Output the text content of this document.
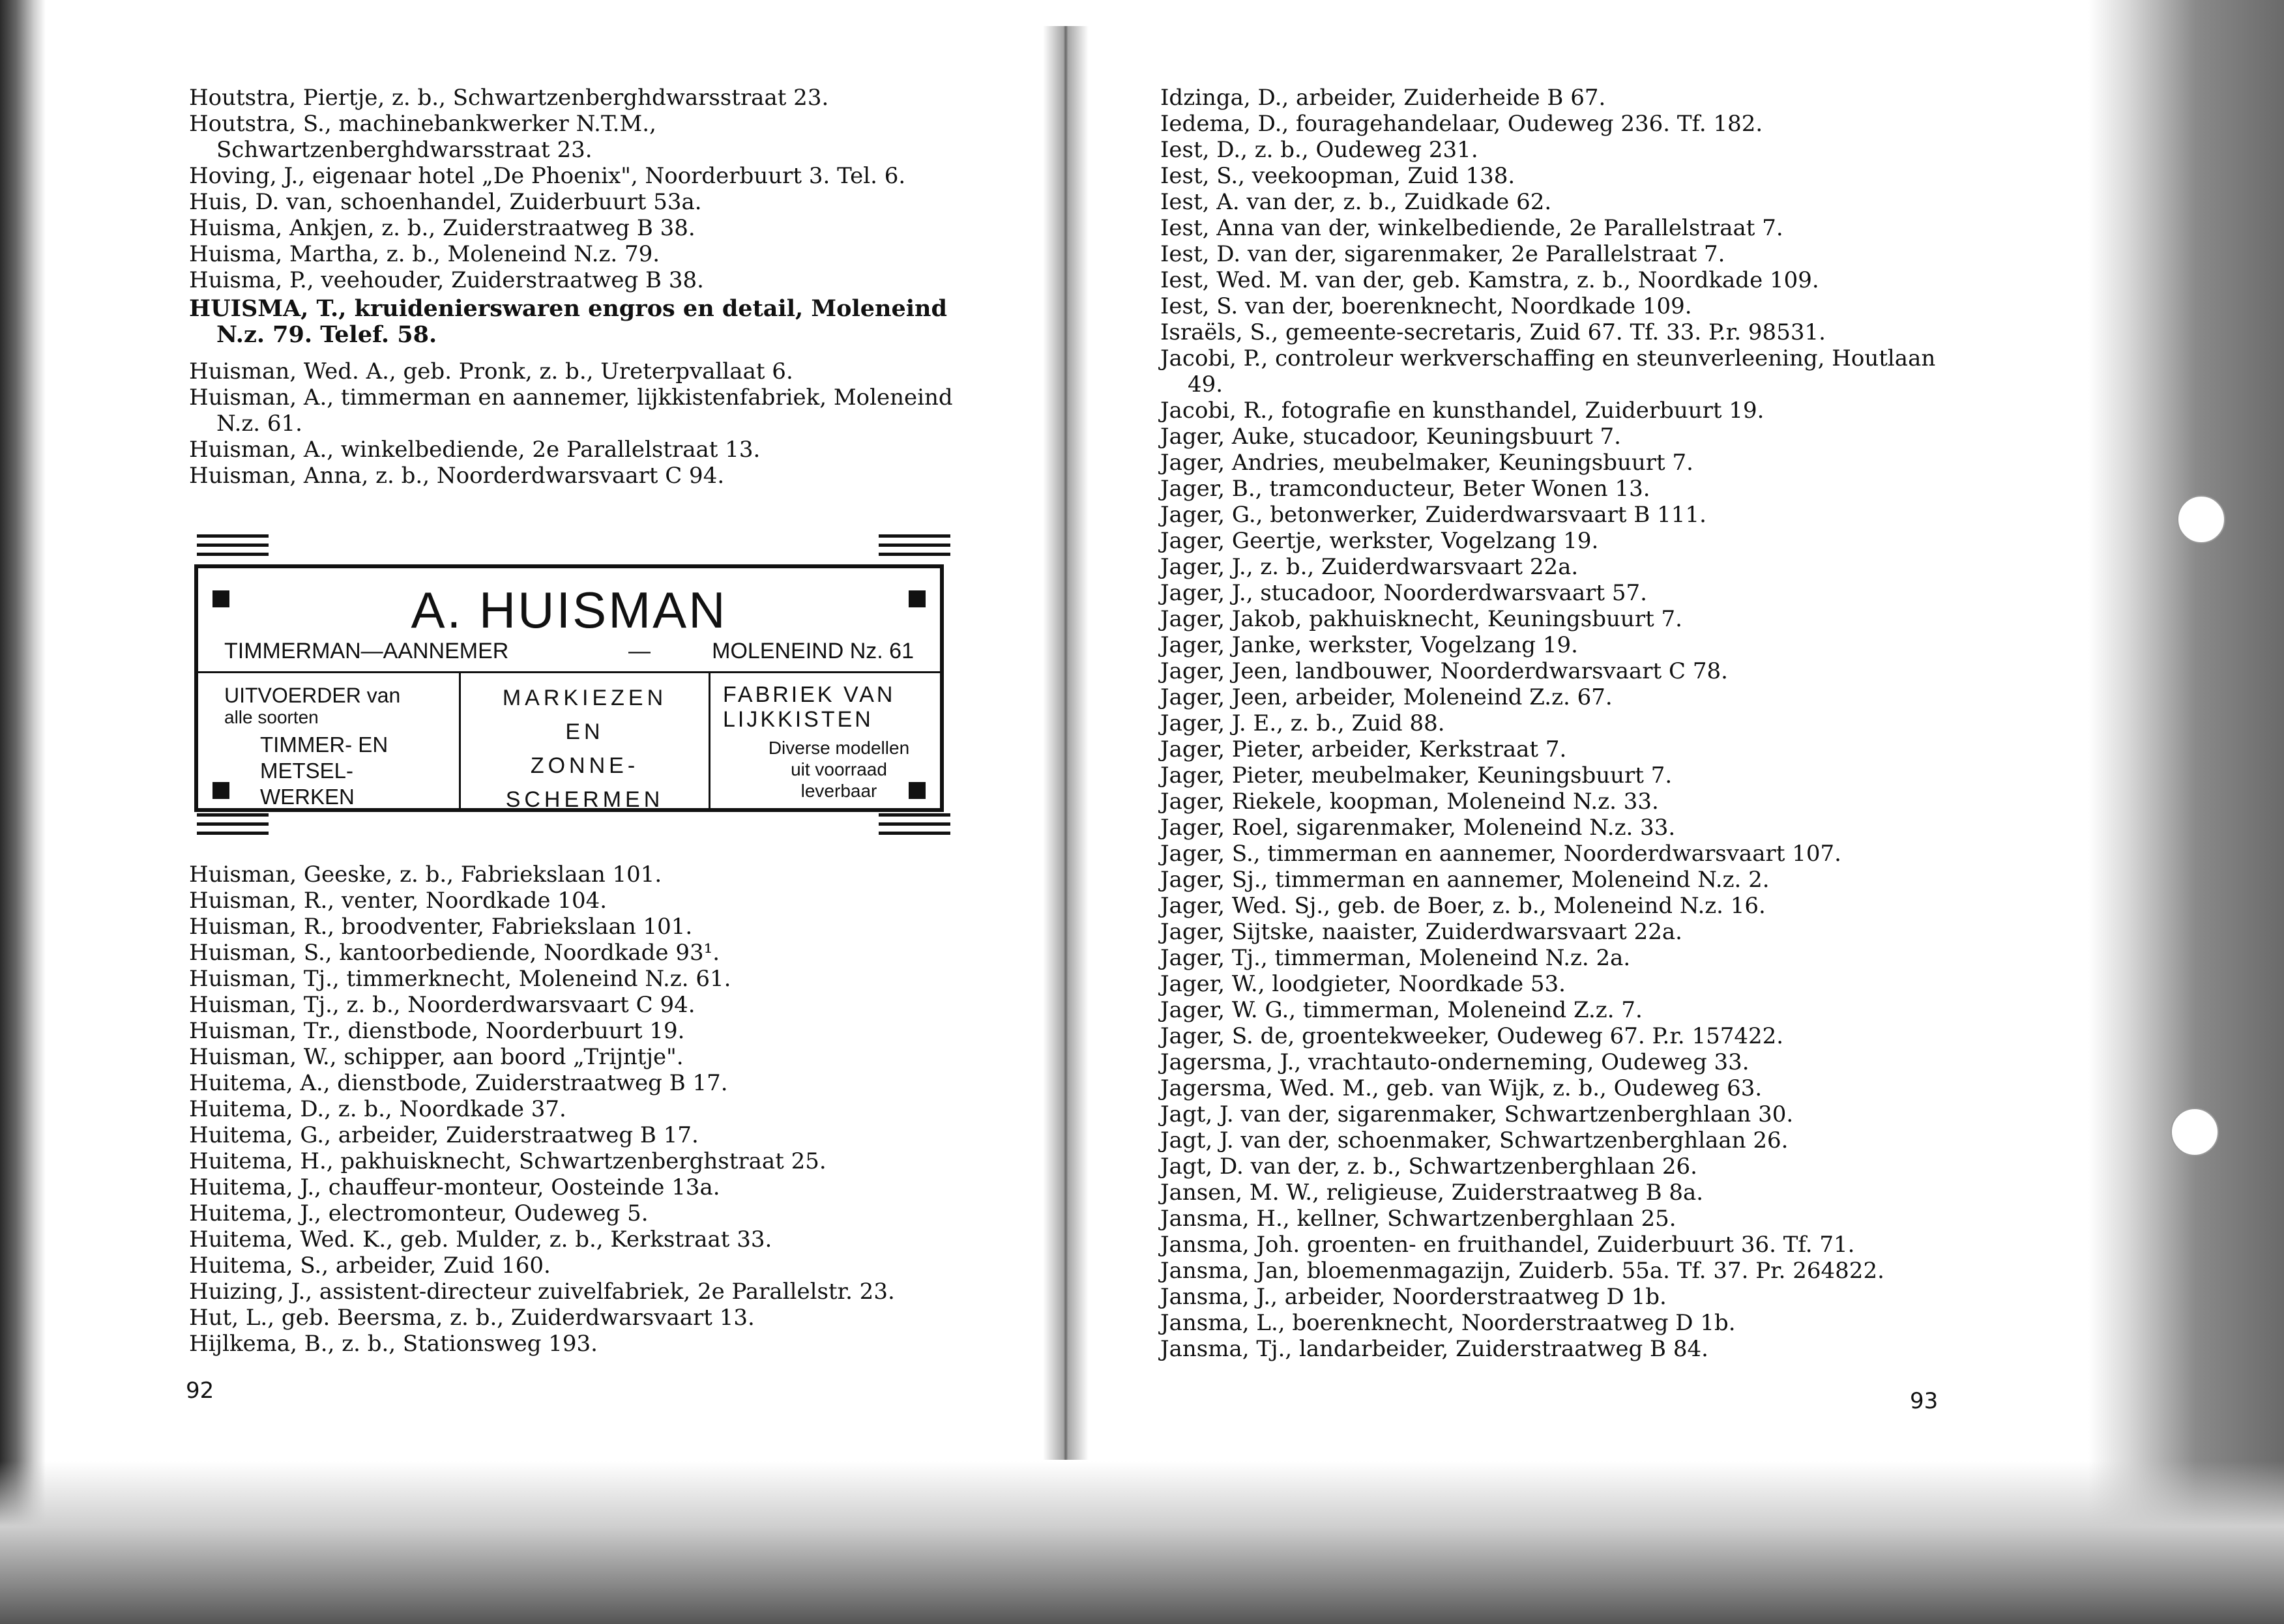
Houtstra, Piertje, z. b., Schwartzenberghdwarsstraat 23.

Houtstra, S., machinebankwerker N.T.M., Schwartzenberghdwarsstraat 23.

Hoving, J., eigenaar hotel „De Phoenix", Noorderbuurt 3. Tel. 6.

Huis, D. van, schoenhandel, Zuiderbuurt 53a.

Huisma, Ankjen, z. b., Zuiderstraatweg B 38.

Huisma, Martha, z. b., Moleneind N.z. 79.

Huisma, P., veehouder, Zuiderstraatweg B 38.

HUISMA, T., kruidenierswaren engros en detail, Moleneind N.z. 79. Telef. 58.

Huisman, Wed. A., geb. Pronk, z. b., Ureterpvallaat 6.

Huisman, A., timmerman en aannemer, lijkkistenfabriek, Moleneind N.z. 61.

Huisman, A., winkelbediende, 2e Parallelstraat 13.

Huisman, Anna, z. b., Noorderdwarsvaart C 94.

A. HUISMAN
TIMMERMAN—AANNEMER	—	MOLENEIND Nz. 61
UITVOERDER van
alle soorten
TIMMER- EN
METSEL-
WERKEN
MARKIEZEN
EN
ZONNE-
SCHERMEN
FABRIEK VAN
LIJKKISTEN
Diverse modellen
uit voorraad
leverbaar

Huisman, Geeske, z. b., Fabriekslaan 101.

Huisman, R., venter, Noordkade 104.

Huisman, R., broodventer, Fabriekslaan 101.

Huisman, S., kantoorbediende, Noordkade 93¹.

Huisman, Tj., timmerknecht, Moleneind N.z. 61.

Huisman, Tj., z. b., Noorderdwarsvaart C 94.

Huisman, Tr., dienstbode, Noorderbuurt 19.

Huisman, W., schipper, aan boord „Trijntje".

Huitema, A., dienstbode, Zuiderstraatweg B 17.

Huitema, D., z. b., Noordkade 37.

Huitema, G., arbeider, Zuiderstraatweg B 17.

Huitema, H., pakhuisknecht, Schwartzenberghstraat 25.

Huitema, J., chauffeur-monteur, Oosteinde 13a.

Huitema, J., electromonteur, Oudeweg 5.

Huitema, Wed. K., geb. Mulder, z. b., Kerkstraat 33.

Huitema, S., arbeider, Zuid 160.

Huizing, J., assistent-directeur zuivelfabriek, 2e Parallelstr. 23.

Hut, L., geb. Beersma, z. b., Zuiderdwarsvaart 13.

Hijlkema, B., z. b., Stationsweg 193.

92

Idzinga, D., arbeider, Zuiderheide B 67.

Iedema, D., fouragehandelaar, Oudeweg 236. Tf. 182.

Iest, D., z. b., Oudeweg 231.

Iest, S., veekoopman, Zuid 138.

Iest, A. van der, z. b., Zuidkade 62.

Iest, Anna van der, winkelbediende, 2e Parallelstraat 7.

Iest, D. van der, sigarenmaker, 2e Parallelstraat 7.

Iest, Wed. M. van der, geb. Kamstra, z. b., Noordkade 109.

Iest, S. van der, boerenknecht, Noordkade 109.

Israëls, S., gemeente-secretaris, Zuid 67. Tf. 33. P.r. 98531.

Jacobi, P., controleur werkverschaffing en steunverleening, Houtlaan 49.

Jacobi, R., fotografie en kunsthandel, Zuiderbuurt 19.

Jager, Auke, stucadoor, Keuningsbuurt 7.

Jager, Andries, meubelmaker, Keuningsbuurt 7.

Jager, B., tramconducteur, Beter Wonen 13.

Jager, G., betonwerker, Zuiderdwarsvaart B 111.

Jager, Geertje, werkster, Vogelzang 19.

Jager, J., z. b., Zuiderdwarsvaart 22a.

Jager, J., stucadoor, Noorderdwarsvaart 57.

Jager, Jakob, pakhuisknecht, Keuningsbuurt 7.

Jager, Janke, werkster, Vogelzang 19.

Jager, Jeen, landbouwer, Noorderdwarsvaart C 78.

Jager, Jeen, arbeider, Moleneind Z.z. 67.

Jager, J. E., z. b., Zuid 88.

Jager, Pieter, arbeider, Kerkstraat 7.

Jager, Pieter, meubelmaker, Keuningsbuurt 7.

Jager, Riekele, koopman, Moleneind N.z. 33.

Jager, Roel, sigarenmaker, Moleneind N.z. 33.

Jager, S., timmerman en aannemer, Noorderdwarsvaart 107.

Jager, Sj., timmerman en aannemer, Moleneind N.z. 2.

Jager, Wed. Sj., geb. de Boer, z. b., Moleneind N.z. 16.

Jager, Sijtske, naaister, Zuiderdwarsvaart 22a.

Jager, Tj., timmerman, Moleneind N.z. 2a.

Jager, W., loodgieter, Noordkade 53.

Jager, W. G., timmerman, Moleneind Z.z. 7.

Jager, S. de, groentekweeker, Oudeweg 67. P.r. 157422.

Jagersma, J., vrachtauto-onderneming, Oudeweg 33.

Jagersma, Wed. M., geb. van Wijk, z. b., Oudeweg 63.

Jagt, J. van der, sigarenmaker, Schwartzenberghlaan 30.

Jagt, J. van der, schoenmaker, Schwartzenberghlaan 26.

Jagt, D. van der, z. b., Schwartzenberghlaan 26.

Jansen, M. W., religieuse, Zuiderstraatweg B 8a.

Jansma, H., kellner, Schwartzenberghlaan 25.

Jansma, Joh. groenten- en fruithandel, Zuiderbuurt 36. Tf. 71.

Jansma, Jan, bloemenmagazijn, Zuiderb. 55a. Tf. 37. Pr. 264822.

Jansma, J., arbeider, Noorderstraatweg D 1b.

Jansma, L., boerenknecht, Noorderstraatweg D 1b.

Jansma, Tj., landarbeider, Zuiderstraatweg B 84.

93
